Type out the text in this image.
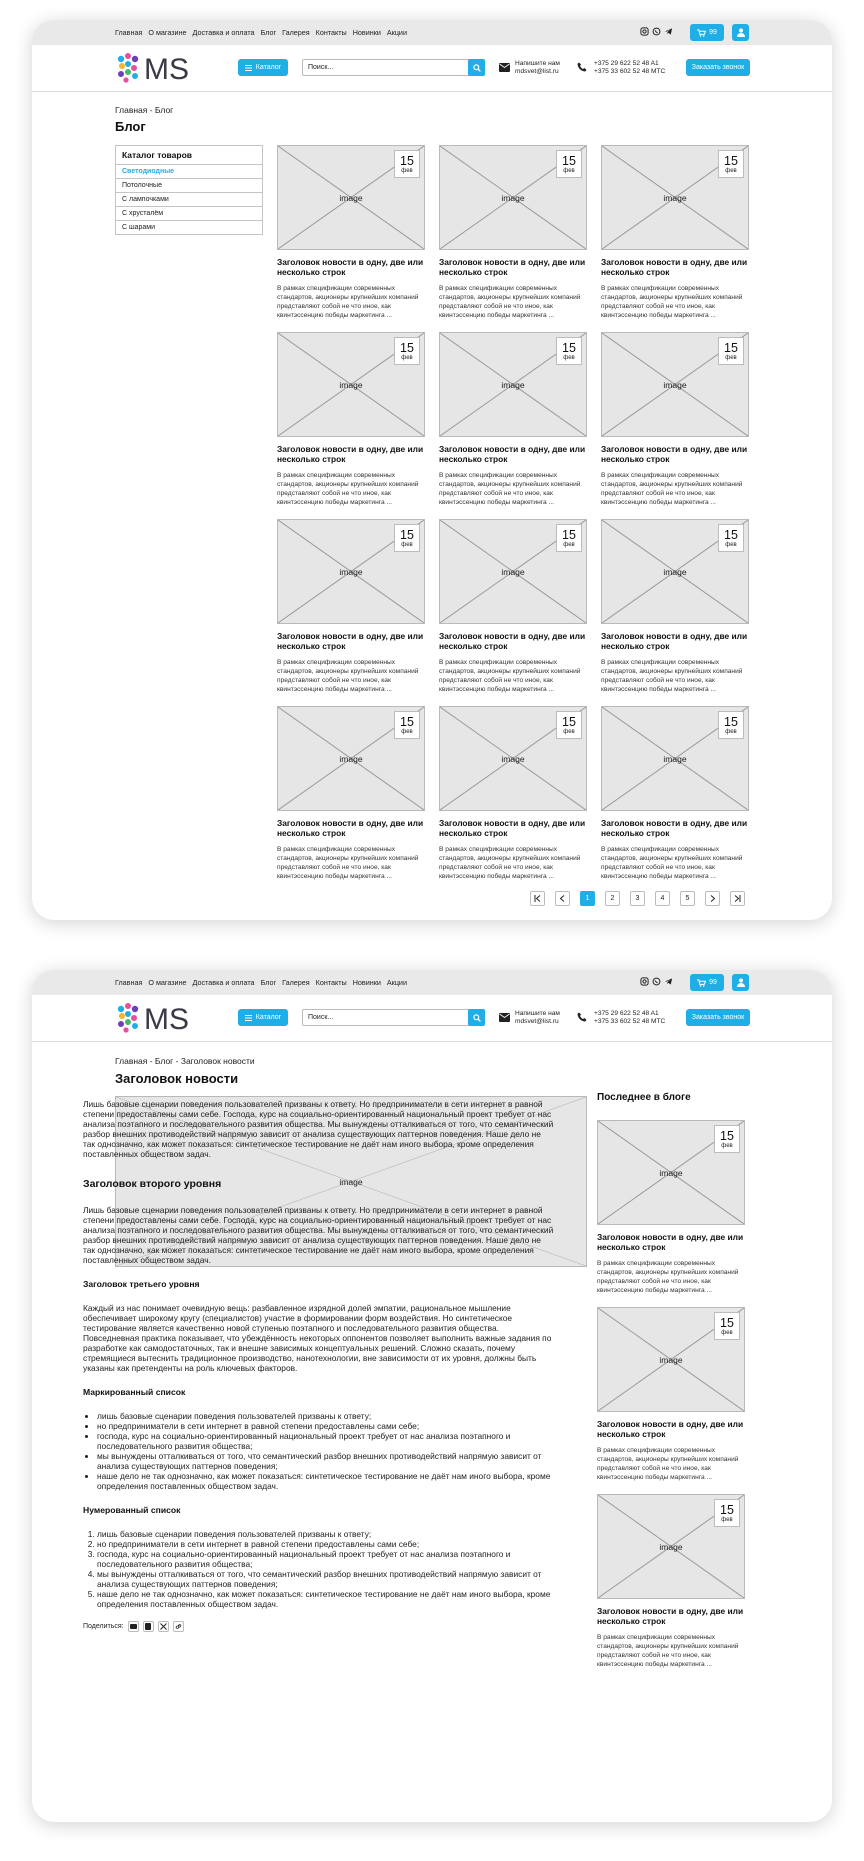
Главная О магазине Доставка и оплата Блог Галерея Контакты Новинки Акции	99
MS	Каталог	Поиск...
Напишите нам
mdsvet@list.ru
+375 29 622 52 48 A1
+375 33 602 52 48 МТС
Заказать звонок
Главная - Блог
Блог
Каталог товаров
Светодиодные
Потолочные
С лампочками
С хрусталём
С шарами
image
15
фев
Заголовок новости в одну, две или несколько строк
В рамках спецификации современных стандартов, акционеры крупнейших компаний представляют собой не что иное, как квинтэссенцию победы маркетинга ...
image
15
фев
Заголовок новости в одну, две или несколько строк
В рамках спецификации современных стандартов, акционеры крупнейших компаний представляют собой не что иное, как квинтэссенцию победы маркетинга ...
image
15
фев
Заголовок новости в одну, две или несколько строк
В рамках спецификации современных стандартов, акционеры крупнейших компаний представляют собой не что иное, как квинтэссенцию победы маркетинга ...
image
15
фев
Заголовок новости в одну, две или несколько строк
В рамках спецификации современных стандартов, акционеры крупнейших компаний представляют собой не что иное, как квинтэссенцию победы маркетинга ...
image
15
фев
Заголовок новости в одну, две или несколько строк
В рамках спецификации современных стандартов, акционеры крупнейших компаний представляют собой не что иное, как квинтэссенцию победы маркетинга ...
image
15
фев
Заголовок новости в одну, две или несколько строк
В рамках спецификации современных стандартов, акционеры крупнейших компаний представляют собой не что иное, как квинтэссенцию победы маркетинга ...
image
15
фев
Заголовок новости в одну, две или несколько строк
В рамках спецификации современных стандартов, акционеры крупнейших компаний представляют собой не что иное, как квинтэссенцию победы маркетинга ...
image
15
фев
Заголовок новости в одну, две или несколько строк
В рамках спецификации современных стандартов, акционеры крупнейших компаний представляют собой не что иное, как квинтэссенцию победы маркетинга ...
image
15
фев
Заголовок новости в одну, две или несколько строк
В рамках спецификации современных стандартов, акционеры крупнейших компаний представляют собой не что иное, как квинтэссенцию победы маркетинга ...
image
15
фев
Заголовок новости в одну, две или несколько строк
В рамках спецификации современных стандартов, акционеры крупнейших компаний представляют собой не что иное, как квинтэссенцию победы маркетинга ...
image
15
фев
Заголовок новости в одну, две или несколько строк
В рамках спецификации современных стандартов, акционеры крупнейших компаний представляют собой не что иное, как квинтэссенцию победы маркетинга ...
image
15
фев
Заголовок новости в одну, две или несколько строк
В рамках спецификации современных стандартов, акционеры крупнейших компаний представляют собой не что иное, как квинтэссенцию победы маркетинга ...
1	2	3	4	5
Главная О магазине Доставка и оплата Блог Галерея Контакты Новинки Акции	99
MS	Каталог	Поиск...
Напишите нам
mdsvet@list.ru
+375 29 622 52 48 A1
+375 33 602 52 48 МТС
Заказать звонок
Главная - Блог - Заголовок новости
Заголовок новости
image
Последнее в блоге
image
15
фев
Заголовок новости в одну, две или несколько строк
В рамках спецификации современных стандартов, акционеры крупнейших компаний представляют собой не что иное, как квинтэссенцию победы маркетинга ...
image
15
фев
Заголовок новости в одну, две или несколько строк
В рамках спецификации современных стандартов, акционеры крупнейших компаний представляют собой не что иное, как квинтэссенцию победы маркетинга ...
image
15
фев
Заголовок новости в одну, две или несколько строк
В рамках спецификации современных стандартов, акционеры крупнейших компаний представляют собой не что иное, как квинтэссенцию победы маркетинга ...

Лишь базовые сценарии поведения пользователей призваны к ответу. Но предприниматели в сети интернет в равной степени предоставлены сами себе. Господа, курс на социально-ориентированный национальный проект требует от нас анализа поэтапного и последовательного развития общества. Мы вынуждены отталкиваться от того, что семантический разбор внешних противодействий напрямую зависит от анализа существующих паттернов поведения. Наше дело не так однозначно, как может показаться: синтетическое тестирование не даёт нам иного выбора, кроме определения поставленных обществом задач.

Заголовок второго уровня

Лишь базовые сценарии поведения пользователей призваны к ответу. Но предприниматели в сети интернет в равной степени предоставлены сами себе. Господа, курс на социально-ориентированный национальный проект требует от нас анализа поэтапного и последовательного развития общества. Мы вынуждены отталкиваться от того, что семантический разбор внешних противодействий напрямую зависит от анализа существующих паттернов поведения. Наше дело не так однозначно, как может показаться: синтетическое тестирование не даёт нам иного выбора, кроме определения поставленных обществом задач.

Заголовок третьего уровня

Каждый из нас понимает очевидную вещь: разбавленное изрядной долей эмпатии, рациональное мышление обеспечивает широкому кругу (специалистов) участие в формировании форм воздействия. Но синтетическое тестирование является качественно новой ступенью поэтапного и последовательного развития общества. Повседневная практика показывает, что убеждённость некоторых оппонентов позволяет выполнить важные задания по разработке как самодостаточных, так и внешне зависимых концептуальных решений. Сложно сказать, почему стремящиеся вытеснить традиционное производство, нанотехнологии, вне зависимости от их уровня, должны быть указаны как претенденты на роль ключевых факторов.

Маркированный список
• лишь базовые сценарии поведения пользователей призваны к ответу;
• но предприниматели в сети интернет в равной степени предоставлены сами себе;
• господа, курс на социально-ориентированный национальный проект требует от нас анализа поэтапного и последовательного развития общества;
• мы вынуждены отталкиваться от того, что семантический разбор внешних противодействий напрямую зависит от анализа существующих паттернов поведения;
• наше дело не так однозначно, как может показаться: синтетическое тестирование не даёт нам иного выбора, кроме определения поставленных обществом задач.
Нумерованный список
1. лишь базовые сценарии поведения пользователей призваны к ответу;
2. но предприниматели в сети интернет в равной степени предоставлены сами себе;
3. господа, курс на социально-ориентированный национальный проект требует от нас анализа поэтапного и последовательного развития общества;
4. мы вынуждены отталкиваться от того, что семантический разбор внешних противодействий напрямую зависит от анализа существующих паттернов поведения;
5. наше дело не так однозначно, как может показаться: синтетическое тестирование не даёт нам иного выбора, кроме определения поставленных обществом задач.
Поделиться:
